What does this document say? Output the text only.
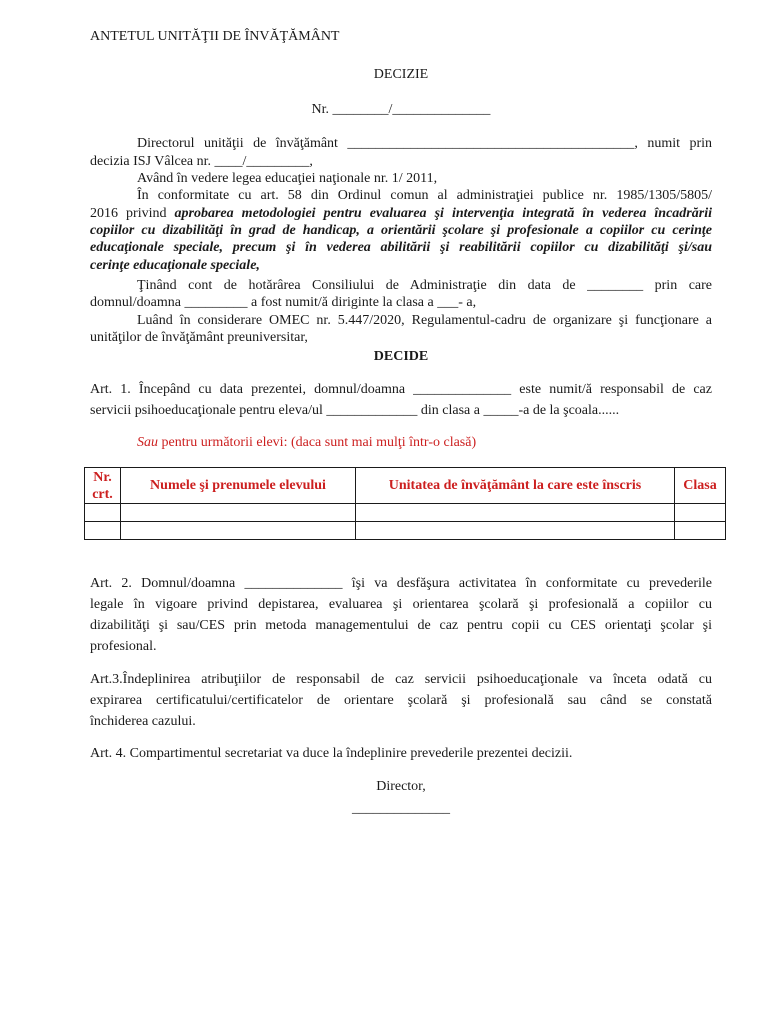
ANTETUL UNITĂŢII DE ÎNVĂŢĂMÂNT
DECIZIE
Nr. ________/______________
Directorul unităţii de învăţământ _________________________________________, numit prin
decizia ISJ Vâlcea nr. ____/_________,
Având în vedere legea educaţiei naţionale nr. 1/ 2011,
În conformitate cu art. 58 din Ordinul comun al administraţiei publice nr. 1985/1305/5805/
2016 privind aprobarea metodologiei pentru evaluarea şi intervenţia integrată în vederea încadrării
copiilor cu dizabilităţi în grad de handicap, a orientării şcolare şi profesionale a copiilor cu cerinţe
educaţionale speciale, precum şi în vederea abilitării şi reabilitării copiilor cu dizabilităţi şi/sau
cerinţe educaţionale speciale,
Ţinând cont de hotărârea Consiliului de Administraţie din data de ________ prin care
domnul/doamna _________ a fost numit/ă diriginte la clasa a ___- a,
Luând în considerare OMEC nr. 5.447/2020, Regulamentul-cadru de organizare şi funcţionare a
unităţilor de învăţământ preuniversitar,
DECIDE
Art. 1. Începând cu data prezentei, domnul/doamna ______________ este numit/ă responsabil de caz
servicii psihoeducaţionale pentru eleva/ul _____________ din clasa a _____-a de la şcoala......
Sau pentru următorii elevi: (daca sunt mai mulţi într-o clasă)
Nr. crt.	Numele şi prenumele elevului	Unitatea de învăţământ la care este înscris	Clasa

Art. 2. Domnul/doamna ______________ îşi va desfăşura activitatea în conformitate cu prevederile
legale în vigoare privind depistarea, evaluarea şi orientarea şcolară şi profesională a copiilor cu
dizabilităţi şi sau/CES prin metoda managementului de caz pentru copii cu CES orientaţi şcolar şi
profesional.
Art.3.Îndeplinirea atribuţiilor de responsabil de caz servicii psihoeducaţionale va înceta odată cu
expirarea certificatului/certificatelor de orientare şcolară şi profesională sau când se constată
închiderea cazului.
Art. 4. Compartimentul secretariat va duce la îndeplinire prevederile prezentei decizii.
Director,
______________
